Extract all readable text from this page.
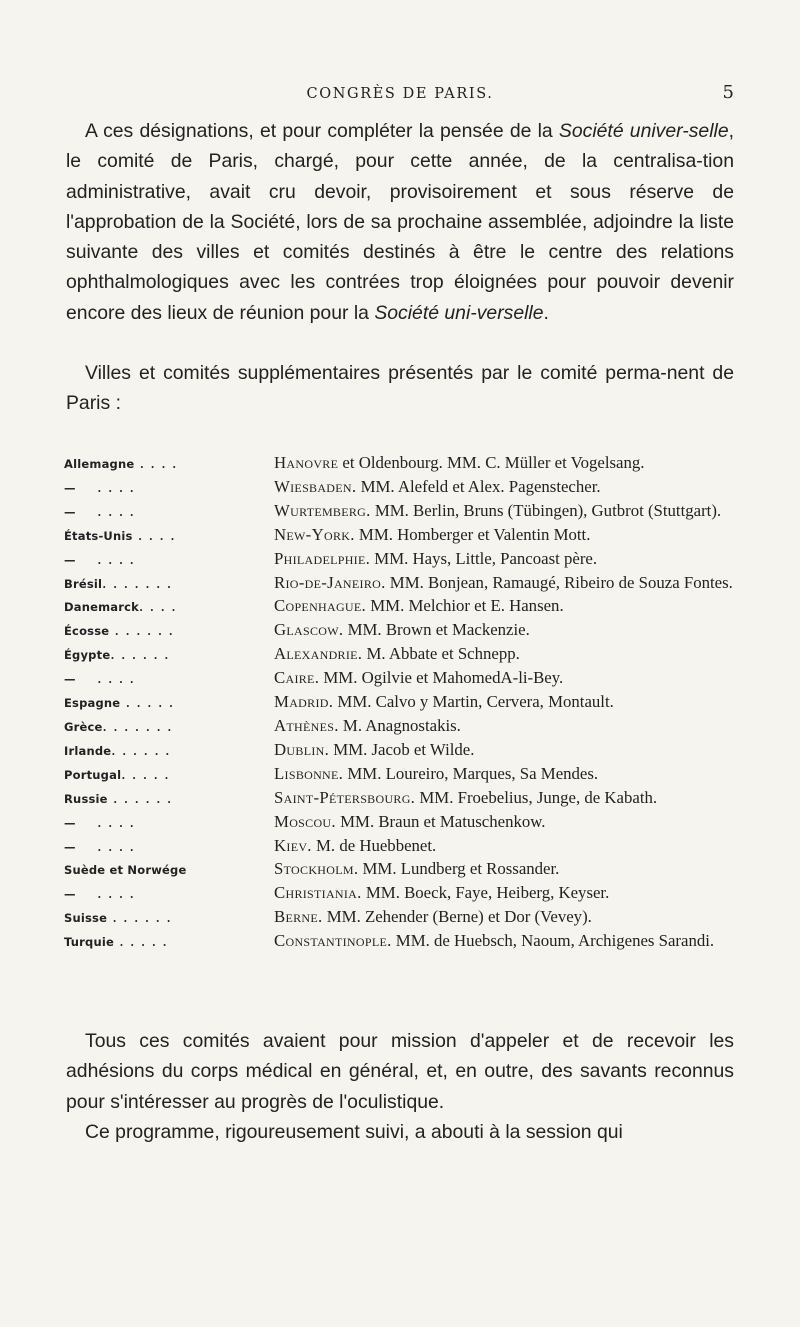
CONGRÈS DE PARIS.	5

A ces désignations, et pour compléter la pensée de la Société univer-selle, le comité de Paris, chargé, pour cette année, de la centralisa-tion administrative, avait cru devoir, provisoirement et sous réserve de l'approbation de la Société, lors de sa prochaine assemblée, adjoindre la liste suivante des villes et comités destinés à être le centre des relations ophthalmologiques avec les contrées trop éloignées pour pouvoir devenir encore des lieux de réunion pour la Société uni-verselle.

Villes et comités supplémentaires présentés par le comité perma-nent de Paris :

Allemagne . . . .	Hanovre et Oldenbourg. MM. C. Müller et Vogelsang.
—    . . . .	Wiesbaden. MM. Alefeld et Alex. Pagenstecher.
—    . . . .	Wurtemberg. MM. Berlin, Bruns (Tübingen), Gutbrot (Stuttgart).
États-Unis . . . .	New-York. MM. Homberger et Valentin Mott.
—    . . . .	Philadelphie. MM. Hays, Little, Pancoast père.
Brésil. . . . . . .	Rio-de-Janeiro. MM. Bonjean, Ramaugé, Ribeiro de Souza Fontes.
Danemarck. . . .	Copenhague. MM. Melchior et E. Hansen.
Écosse . . . . . .	Glascow. MM. Brown et Mackenzie.
Égypte. . . . . .	Alexandrie. M. Abbate et Schnepp.
—    . . . .	Caire. MM. Ogilvie et MahomedA-li-Bey.
Espagne . . . . .	Madrid. MM. Calvo y Martin, Cervera, Montault.
Grèce. . . . . . .	Athènes. M. Anagnostakis.
Irlande. . . . . .	Dublin. MM. Jacob et Wilde.
Portugal. . . . .	Lisbonne. MM. Loureiro, Marques, Sa Mendes.
Russie . . . . . .	Saint-Pétersbourg. MM. Froebelius, Junge, de Kabath.
—    . . . .	Moscou. MM. Braun et Matuschenkow.
—    . . . .	Kiev. M. de Huebbenet.
Suède et Norwége	Stockholm. MM. Lundberg et Rossander.
—    . . . .	Christiania. MM. Boeck, Faye, Heiberg, Keyser.
Suisse . . . . . .	Berne. MM. Zehender (Berne) et Dor (Vevey).
Turquie . . . . .	Constantinople. MM. de Huebsch, Naoum, Archigenes Sarandi.

Tous ces comités avaient pour mission d'appeler et de recevoir les adhésions du corps médical en général, et, en outre, des savants reconnus pour s'intéresser au progrès de l'oculistique.

Ce programme, rigoureusement suivi, a abouti à la session qui
